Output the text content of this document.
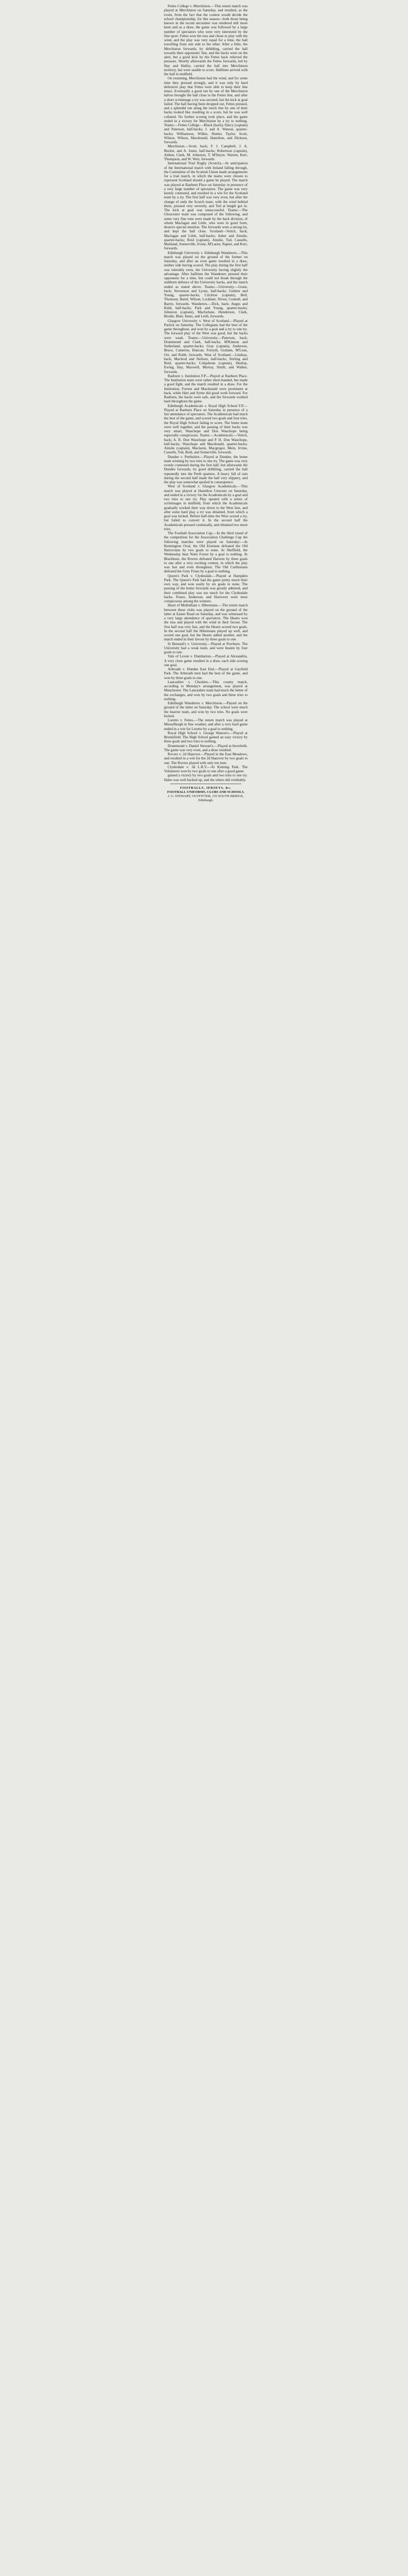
Fettes College v. Merchiston.—This return match was played at Merchiston on Saturday, and resulted, as the event, from the fact that the contest would decide the school championship, for this season—both those being known in the recent encounter was rendered still more keen and as a draw, the game was followed by a large number of spectators who were very interested by the fine sport. Fettes won the toss and chose to play with the wind, and the play was very equal for a time, the ball travelling from one side to the other. After a little, the Merchiston forwards, by dribbling, carried the ball towards their opponents' line, and the backs were on the alert, but a good kick by the Fettes back relieved the pressure. Shortly afterwards the Fettes forwards, led by Hay and Halley, carried the ball into Merchiston territory, but were unable to score. Halftime arrived with the ball in midfield.

On resuming, Merchiston had the wind, and for some time they pressed strongly, and it was only by hard defensive play that Fettes were able to keep their line intact. Eventually a good run by one of the Merchiston halves brought the ball close to the Fettes line, and after a short scrimmage a try was secured, but the kick at goal failed. The ball having been dropped out, Fettes pressed, and a splendid run along the touch line by one of their backs looked like resulting in a score, but he was well collared. No further scoring took place, and the game ended in a victory for Merchiston by a try to nothing. Teams:—Fettes College.—Black (back); Darcy (captain) and Paterson, half-backs; J. and A. Watson, quarter-backs; Williamson, Wilkie, Hunter, Taylor, Scott, Wilson, Wilson, Macdonald, Hamilton, and Dickson, forwards.

Merchiston.—Scott, back; F. J. Campbell, J. A. Beckie, and A. Jones, half-backs; Robertson (captain), Aitken, Clark, M. Johnston, T. M'Intyre, Warren, Kerr, Thompson, and W. Weir, forwards.

International Trial Rugby (Scotch).—In anticipation of the International match with Ireland falling through, the Committee of the Scottish Union made arrangements for a trial match, in which the teams were chosen to represent Scotland should a game be played. The match was played at Raeburn Place on Saturday in presence of a very large number of spectators. The game was very keenly contested, and resulted in a win for the Scotland team by a try. The first half was very even, but after the change of ends the Scotch team, with the wind behind them, pressed very severely, and Tod at length got in. The kick at goal was unsuccessful. Teams:—The Gloucester team was composed of the following, and some very fine runs were made by the back division, of whom Maclagan and Little, who were in good form, deserve special mention. The forwards were a strong lot, and kept the ball close. Scotland—Veitch, back; Maclagan and Little, half-backs; Asher and Ainslie, quarter-backs; Reid (captain), Ainslie, Tod, Cassells, Maitland, Somerville, Irvine, M'Laren, Napier, and Kerr, forwards.

Edinburgh University v. Edinburgh Wanderers.—This match was played on the ground of the former on Saturday, and after an even game resulted in a draw, neither side having scored. The play during the first half was tolerably even, the University having slightly the advantage. After halftime the Wanderers pressed their opponents for a time, but could not break through the stubborn defence of the University backs, and the match ended as stated above. Teams:—University.—Grant, back; Stevenson and Lyons, half-backs; Guthrie and Young, quarter-backs; Crichton (captain), Bell, Thomson, Baird, Wilson, Lockhart, Niven, Connell, and Barrie, forwards. Wanderers.—Dick, back; Angus and Kidd, half-backs; Park and Young, quarter-backs; Johnston (captain), Macfarlane, Henderson, Clark, Brodie, Blair, Innes, and Leith, forwards.

Glasgow University v. West of Scotland.—Played at Partick on Saturday. The Collegians had the best of the game throughout, and won by a goal and a try to one try. The forward play of the West was good, but the backs were weak. Teams:—University.—Paterson, back; Drummond and Clark, half-backs; M'Kinnon and Sutherland, quarter-backs; Gray (captain), Anderson, Bruce, Cameron, Duncan, Forsyth, Graham, M'Lean, Orr, and Robb, forwards. West of Scotland.—Lindsay, back; Macleod and Neilson, half-backs; Stirling and Reid, quarter-backs; Colquhoun (captain), Dunlop, Ewing, Hay, Maxwell, Murray, Smith, and Walker, forwards.

Raeburn v. Institution F.P.—Played at Raeburn Place. The Institution team were rather short-handed, but made a good fight, and the match resulted in a draw. For the Institution, Forrest and Macdonald were prominent at back, while Hart and Syme did good work forward. For Raeburn, the backs were safe, and the forwards worked hard throughout the game.

Edinburgh Academicals v. Royal High School F.P.—Played at Raeburn Place on Saturday in presence of a fair attendance of spectators. The Academicals had much the best of the game, and scored two goals and four tries, the Royal High School failing to score. The home team were well together, and the passing of their backs was very smart, Wauchope and Don Wauchope being especially conspicuous. Teams:—Academicals.—Veitch, back; A. R. Don Wauchope and P. H. Don Wauchope, half-backs; Wauchope and Macdonald, quarter-backs; Ainslie (captain), Maclaren, Macgregor, Mein, Irvine, Cassells, Tod, Reid, and Somerville, forwards.

Dundee v. Perthshire.—Played at Dundee, the home team winning by two tries to one try. The game was very evenly contested during the first half, but afterwards the Dundee forwards, by good dribbling, carried the ball repeatedly into the Perth quarters. A heavy fall of rain during the second half made the ball very slippery, and the play was somewhat spoiled in consequence.

West of Scotland v. Glasgow Academicals.—This match was played at Hamilton Crescent on Saturday, and ended in a victory for the Academicals by a goal and two tries to one try. Play opened with a series of scrimmages in midfield, from which the Academicals gradually worked their way down to the West line, and after some hard play a try was obtained, from which a goal was kicked. Before half-time the West scored a try, but failed to convert it. In the second half the Academicals pressed continually, and obtained two more tries.

The Football Association Cup.—In the third round of the competition for the Association Challenge Cup the following matches were played on Saturday:—At Kennington Oval, the Old Etonians defeated the Old Harrovians by two goals to none. At Sheffield, the Wednesday beat Notts Forest by a goal to nothing. At Blackburn, the Rovers defeated Darwen by three goals to one after a very exciting contest, in which the play was fast and even throughout. The Old Carthusians defeated the Grey Friars by a goal to nothing.

Queen's Park v. Clydesdale.—Played at Hampden Park. The Queen's Park had the game pretty much their own way, and won easily by six goals to none. The passing of the home forwards was greatly admired, and their combined play was too much for the Clydesdale backs. Fraser, Anderson, and Harrower were most conspicuous among the winners.

Heart of Midlothian v. Hibernians.—The return match between these clubs was played on the ground of the latter at Easter Road on Saturday, and was witnessed by a very large attendance of spectators. The Hearts won the toss and played with the wind in their favour. The first half was very fast, and the Hearts scored two goals. In the second half the Hibernians played up well, and scored one goal, but the Hearts added another, and the match ended in their favour by three goals to one.

St Bernard's v. University.—Played at Powburn. The University had a weak team, and were beaten by four goals to one.

Vale of Leven v. Dumbarton.—Played at Alexandria. A very close game resulted in a draw, each side scoring one goal.

Arbroath v. Dundee East End.—Played at Gayfield Park. The Arbroath men had the best of the game, and won by three goals to one.

Lancashire v. Cheshire.—This county match, according to Monday's arrangement, was played at Manchester. The Lancashire team had much the better of the exchanges, and won by two goals and three tries to nothing.

Edinburgh Wanderers v. Merchiston.—Played on the ground of the latter on Saturday. The school were much the heavier team, and won by two tries. No goals were kicked.

Loretto v. Fettes.—The return match was played at Musselburgh in fine weather, and after a very hard game ended in a win for Loretto by a goal to nothing.

Royal High School v. George Watson's.—Played at Bruntsfield. The High School gained an easy victory by three goals and two tries to nothing.

Drummond v. Daniel Stewart's.—Played at Inverleith. The game was very even, and a draw resulted.

Rovers v. 2d Hanover.—Played in the East Meadows, and resulted in a win for the 2d Hanover by two goals to one. The Rovers played with only ten men.

Clydesdale v. 3d L.R.V.—At Kinning Park. The Volunteers won by two goals to one after a good game.

gained a victory by two goals and two tries to one try. Hales was well backed up, and the others did creditably.

FOOTBALLS, JERSEYS, &c.
FOOTBALL UNIFORMS, CLUBS AND SCHOOLS.
J. G. STEWART, OUTFITTER, 155 SOUTH BRIDGE, Edinburgh.
